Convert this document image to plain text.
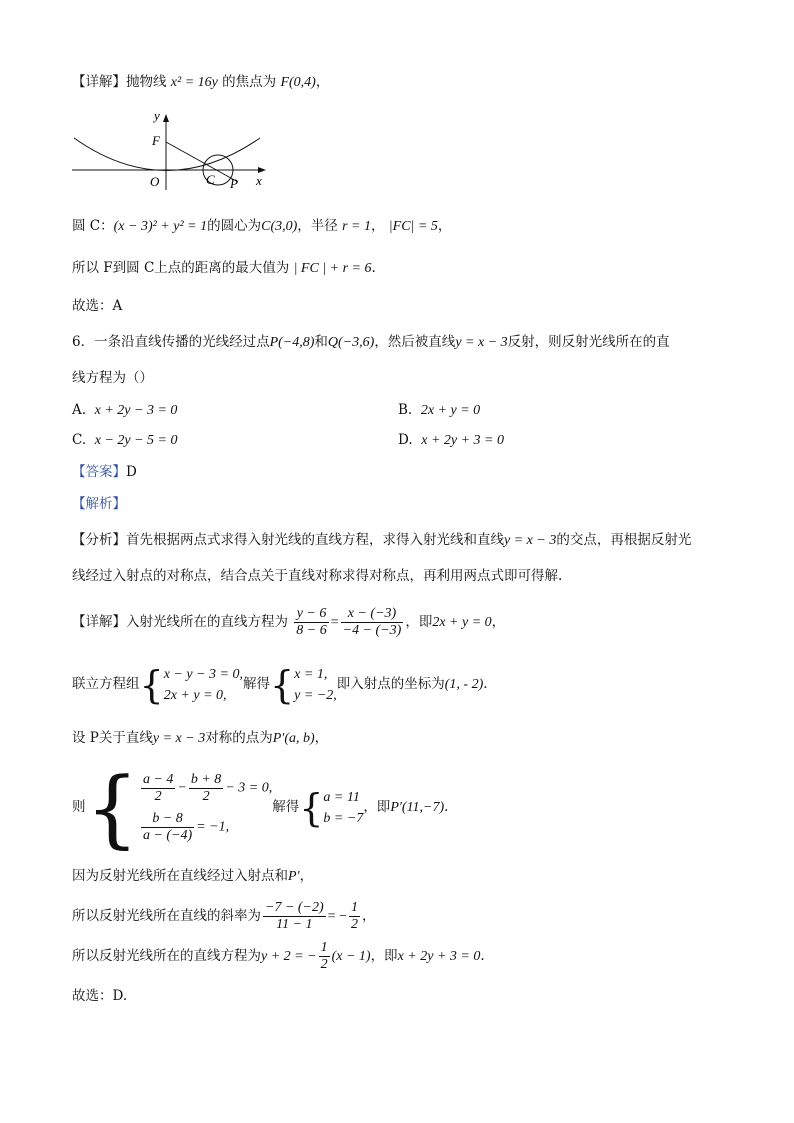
【详解】抛物线 x² = 16y 的焦点为 F(0,4)，
y
x
F
O	C P
圆 C：(x − 3)² + y² = 1的圆心为C(3,0)，半径 r = 1， |FC| = 5，
所以 F到圆 C上点的距离的最大值为 | FC | + r = 6.
故选：A
6．一条沿直线传播的光线经过点P(−4,8)和Q(−3,6)，然后被直线y = x − 3反射，则反射光线所在的直
线方程为（）
A. x + 2y − 3 = 0	B. 2x + y = 0
C. x − 2y − 5 = 0	D. x + 2y + 3 = 0
【答案】D
【解析】
【分析】首先根据两点式求得入射光线的直线方程，求得入射光线和直线y = x − 3的交点，再根据反射光
线经过入射点的对称点，结合点关于直线对称求得对称点，再利用两点式即可得解.
【详解】入射光线所在的直线方程为 $\frac{y - 6}{8 - 6} = \frac{x - (-3)}{-4 - (-3)}$ ，即2x + y = 0，
联立方程组{ x − y − 3 = 0,
2x + y = 0,
解得{ x = 1,
y = −2,
即入射点的坐标为(1, - 2).
设 P关于直线y = x − 3对称的点为P′(a, b)，
则{ $\frac{a - 4}{2} - \frac{b + 8}{2} - 3 = 0$,
$\frac{b - 8}{a - (-4)} = -1$,
解得{ a = 11
b = −7
，即P′(11,−7).
因为反射光线所在直线经过入射点和P′，
所以反射光线所在直线的斜率为 $\frac{-7 - (-2)}{11 - 1}$ = − $\frac{1}{2}$ ，
所以反射光线所在的直线方程为y + 2 = − $\frac{1}{2} (x - 1)$，即x + 2y + 3 = 0.
故选：D.
